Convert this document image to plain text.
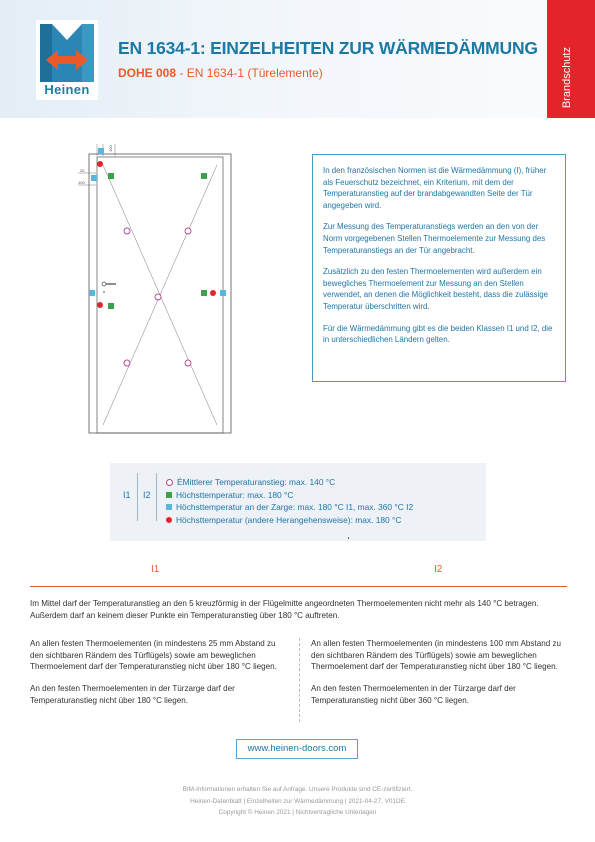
Heinen
EN 1634-1: EINZELHEITEN ZUR WÄRMEDÄMMUNG
DOHE 008 - EN 1634-1 (Türelemente)	Brandschutz
100
25
100

In den französischen Normen ist die Wärmedämmung (I), früher als Feuerschutz bezeichnet, ein Kriterium, mit dem der Temperaturanstieg auf der brandabgewandten Seite der Tür angegeben wird.

Zur Messung des Temperaturanstiegs werden an den von der Norm vorgegebenen Stellen Thermoelemente zur Messung des Temperaturanstiegs an der Tür angebracht.

Zusätzlich zu den festen Thermoelementen wird außerdem ein bewegliches Thermoelement zur Messung an den Stellen verwendet, an denen die Möglichkeit besteht, dass die zulässige Temperatur überschritten wird.

Für die Wärmedämmung gibt es die beiden Klassen I1 und I2, die in unterschiedlichen Ländern gelten.

I1 I2
ÉMittlerer Temperaturanstieg: max. 140 °C
Höchsttemperatur: max. 180 °C
Höchsttemperatur an der Zarge: max. 180 °C I1, max. 360 °C I2
Höchsttemperatur (andere Herangehensweise): max. 180 °C
I1	I2
Im Mittel darf der Temperaturanstieg an den 5 kreuzförmig in der Flügelmitte angeordneten Thermoelementen nicht mehr als 140 °C betragen. Außerdem darf an keinem dieser Punkte ein Temperaturanstieg über 180 °C auftreten.

An allen festen Thermoelementen (in mindestens 25 mm Abstand zu den sichtbaren Rändern des Türflügels) sowie am beweglichen Thermoelement darf der Temperaturanstieg nicht über 180 °C liegen.

An den festen Thermoelementen in der Türzarge darf der Temperaturanstieg nicht über 180 °C liegen.

An allen festen Thermoelementen (in mindestens 100 mm Abstand zu den sichtbaren Rändern des Türflügels) sowie am beweglichen Thermoelement darf der Temperaturanstieg nicht über 180 °C liegen.

An den festen Thermoelementen in der Türzarge darf der Temperaturanstieg nicht über 360 °C liegen.

www.heinen-doors.com
BIM-Informationen erhalten Sie auf Anfrage. Unsere Produkte sind CE-zertifiziert.
Heinen-Datenblatt | Einzelheiten zur Wärmedämmung | 2021-04-27, V01DE
Copyright © Heinen 2021 | Nichtvertragliche Unterlagen
